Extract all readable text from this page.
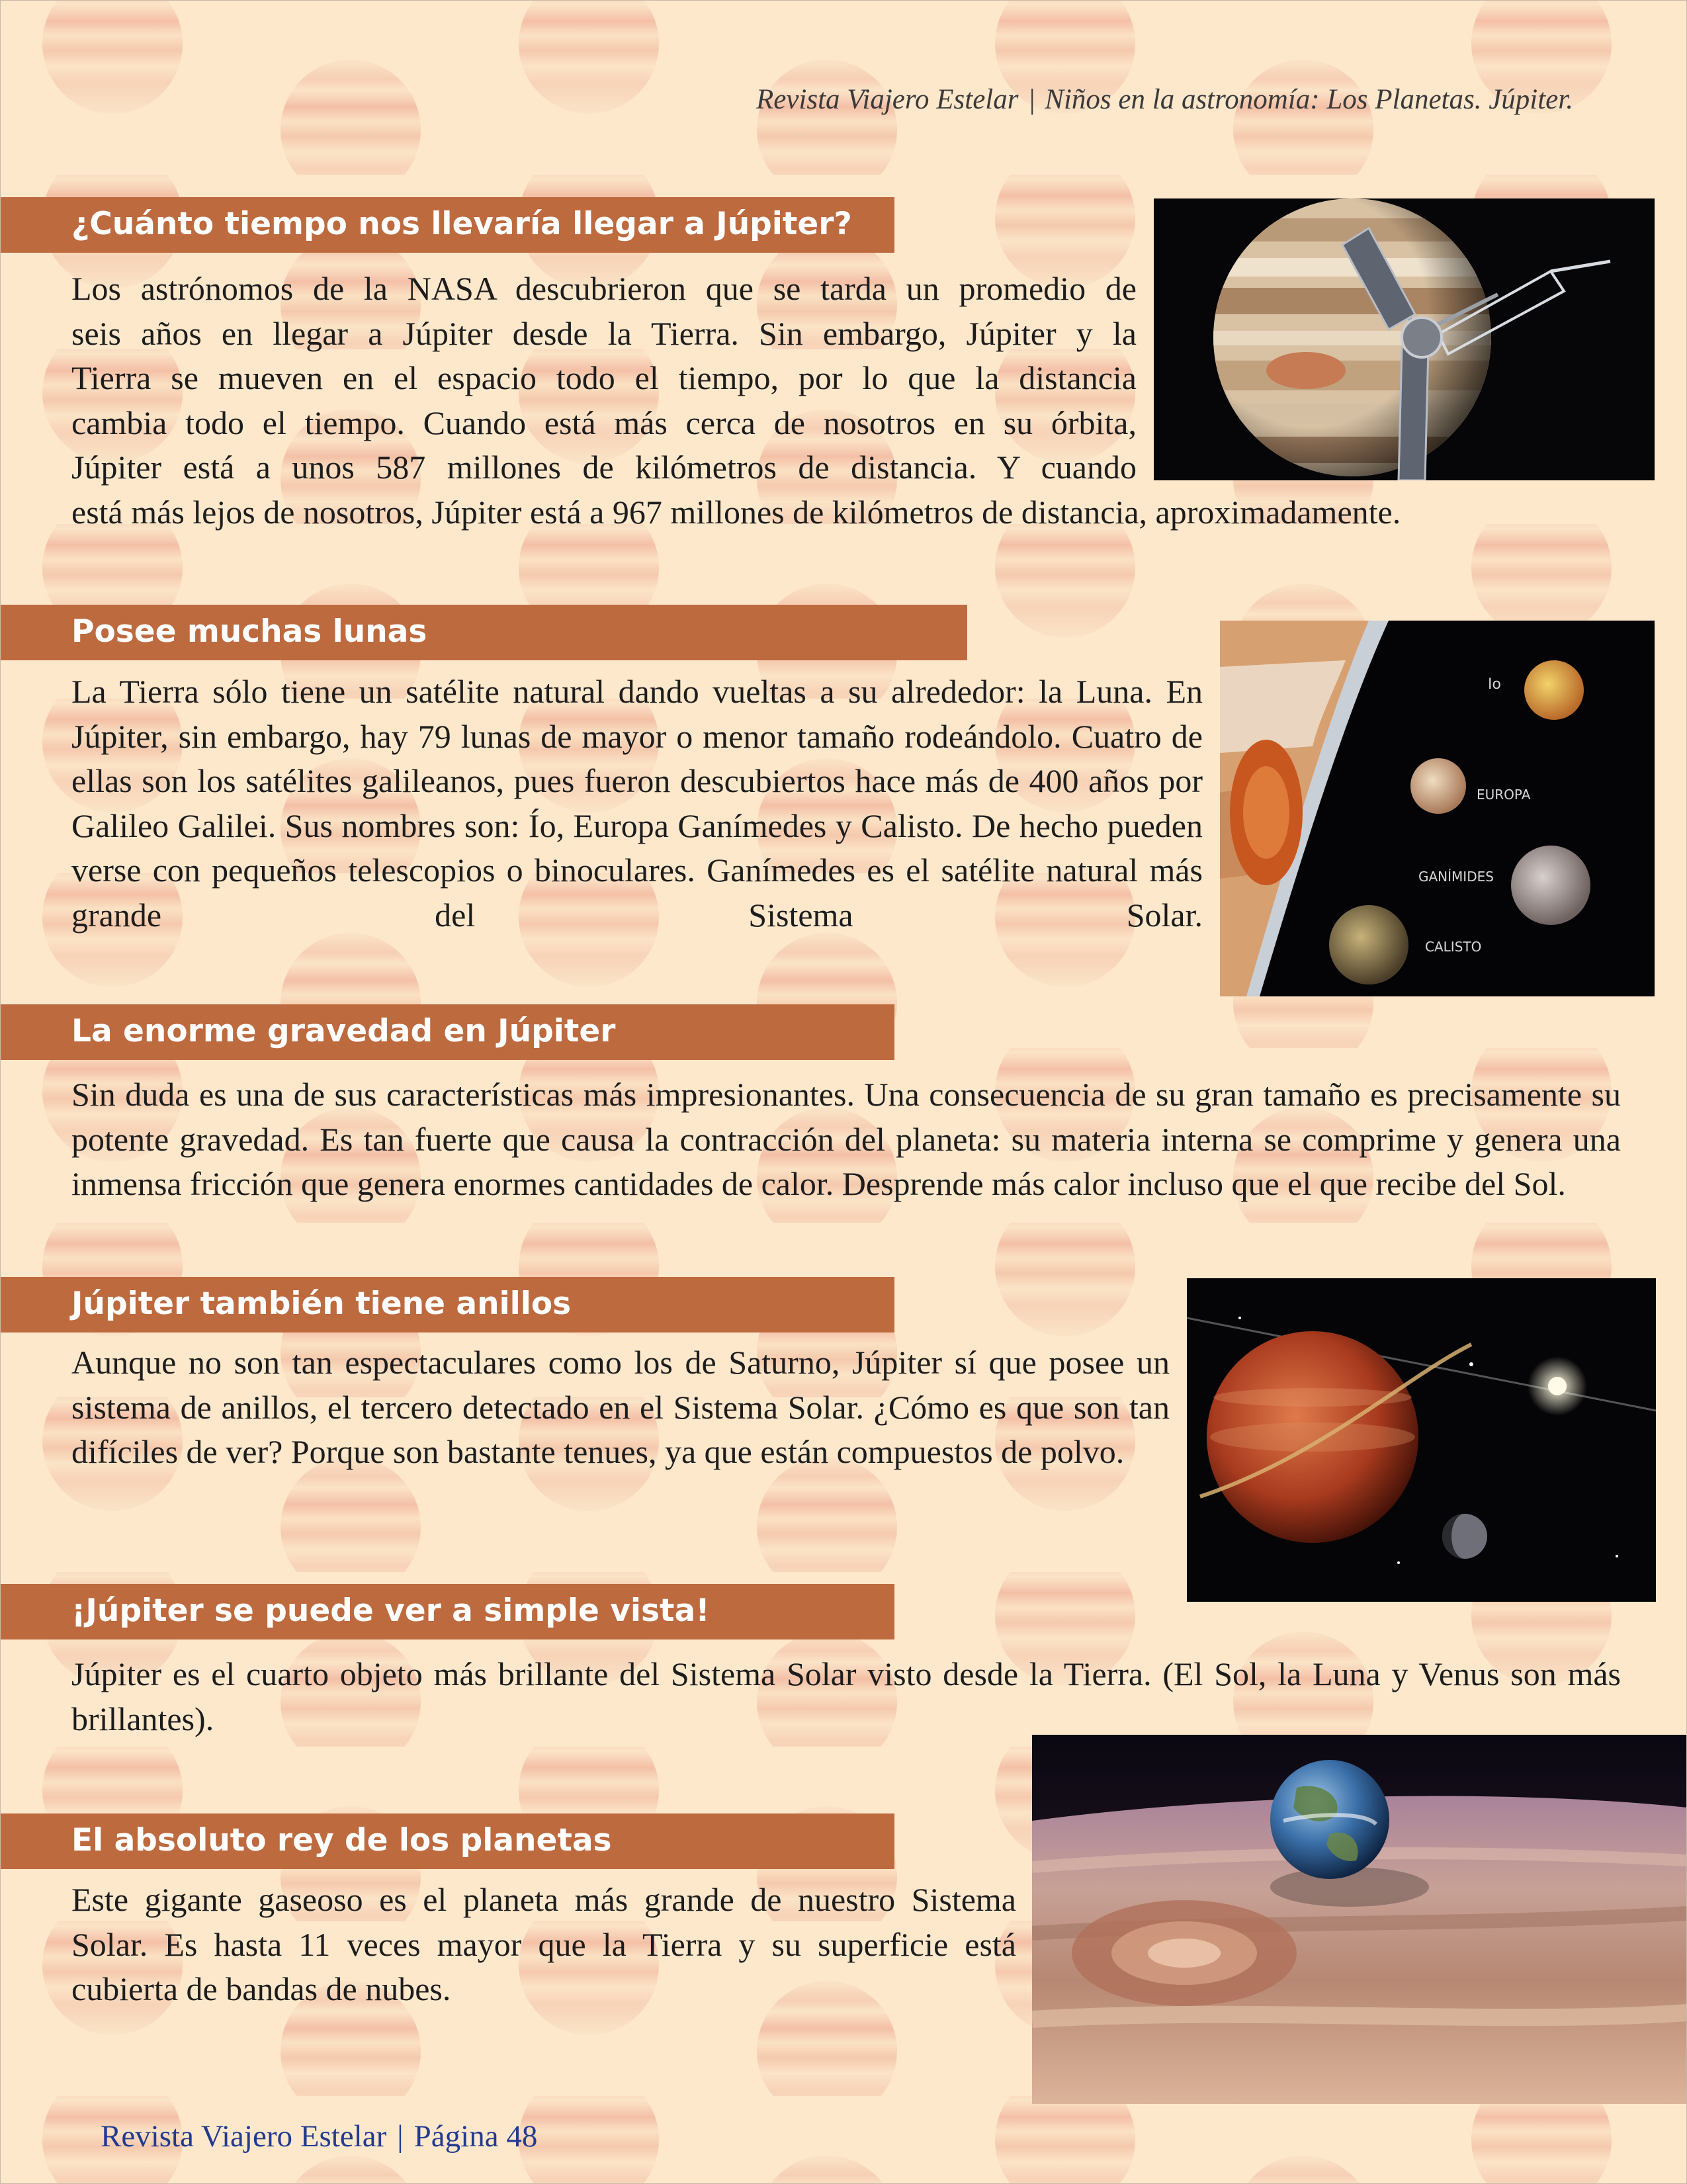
Revista Viajero Estelar | Niños en la astronomía: Los Planetas. Júpiter.
¿Cuánto tiempo nos llevaría llegar a Júpiter?
Los astrónomos de la NASA descubrieron que se tarda un promedio de
seis años en llegar a Júpiter desde la Tierra. Sin embargo, Júpiter y la
Tierra se mueven en el espacio todo el tiempo, por lo que la distancia
cambia todo el tiempo. Cuando está más cerca de nosotros en su órbita,
Júpiter está a unos 587 millones de kilómetros de distancia. Y cuando
está más lejos de nosotros, Júpiter está a 967 millones de kilómetros de distancia, aproximadamente.
Posee muchas lunas
La Tierra sólo tiene un satélite natural dando vueltas a su alrededor: la Luna. En Júpiter, sin embargo, hay 79 lunas de mayor o menor tamaño rodeándolo. Cuatro de ellas son los satélites galileanos, pues fueron descubiertos hace más de 400 años por Galileo Galilei. Sus nombres son: Ío, Europa Ganímedes y Calisto. De hecho pueden verse con pequeños telescopios o binoculares. Ganímedes es el satélite natural más grande del Sistema Solar.
Io
EUROPA
GANÍMIDES
CALISTO
La enorme gravedad en Júpiter
Sin duda es una de sus características más impresionantes. Una consecuencia de su gran tamaño es precisamente su potente gravedad. Es tan fuerte que causa la contracción del planeta: su materia interna se comprime y genera una inmensa fricción que genera enormes cantidades de calor. Desprende más calor incluso que el que recibe del Sol.
Júpiter también tiene anillos
Aunque no son tan espectaculares como los de Saturno, Júpiter sí que posee un sistema de anillos, el tercero detectado en el Sistema Solar. ¿Cómo es que son tan difíciles de ver? Porque son bastante tenues, ya que están compuestos de polvo.
¡Júpiter se puede ver a simple vista!
Júpiter es el cuarto objeto más brillante del Sistema Solar visto desde la Tierra. (El Sol, la Luna y Venus son más brillantes).
El absoluto rey de los planetas
Este gigante gaseoso es el planeta más grande de nuestro Sistema Solar. Es hasta 11 veces mayor que la Tierra y su superficie está cubierta de bandas de nubes.
Revista Viajero Estelar | Página 48
